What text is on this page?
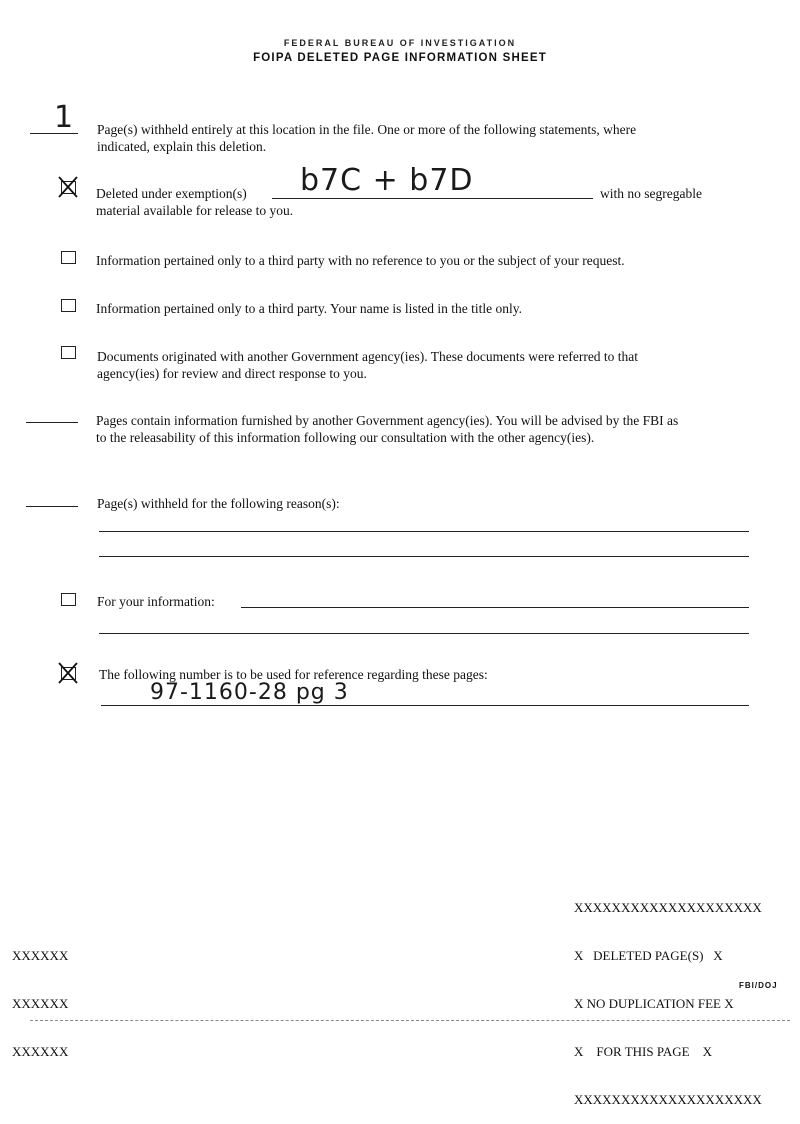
FEDERAL BUREAU OF INVESTIGATION
FOIPA DELETED PAGE INFORMATION SHEET
1 Page(s) withheld entirely at this location in the file. One or more of the following statements, where
indicated, explain this deletion.
Deleted under exemption(s) b7C + b7D	with no segregable
material available for release to you.
Information pertained only to a third party with no reference to you or the subject of your request.
Information pertained only to a third party. Your name is listed in the title only.
Documents originated with another Government agency(ies). These documents were referred to that
agency(ies) for review and direct response to you.
Pages contain information furnished by another Government agency(ies). You will be advised by the FBI as
to the releasability of this information following our consultation with the other agency(ies).
Page(s) withheld for the following reason(s):
For your information:
The following number is to be used for reference regarding these pages:
97-1160-28 pg 3

XXXXXXXXXXXXXXXXXXXX

X   DELETED PAGE(S)   X

X NO DUPLICATION FEE X

X    FOR THIS PAGE    X

XXXXXXXXXXXXXXXXXXXX

XXXXXX

XXXXXX

XXXXXX

FBI/DOJ
